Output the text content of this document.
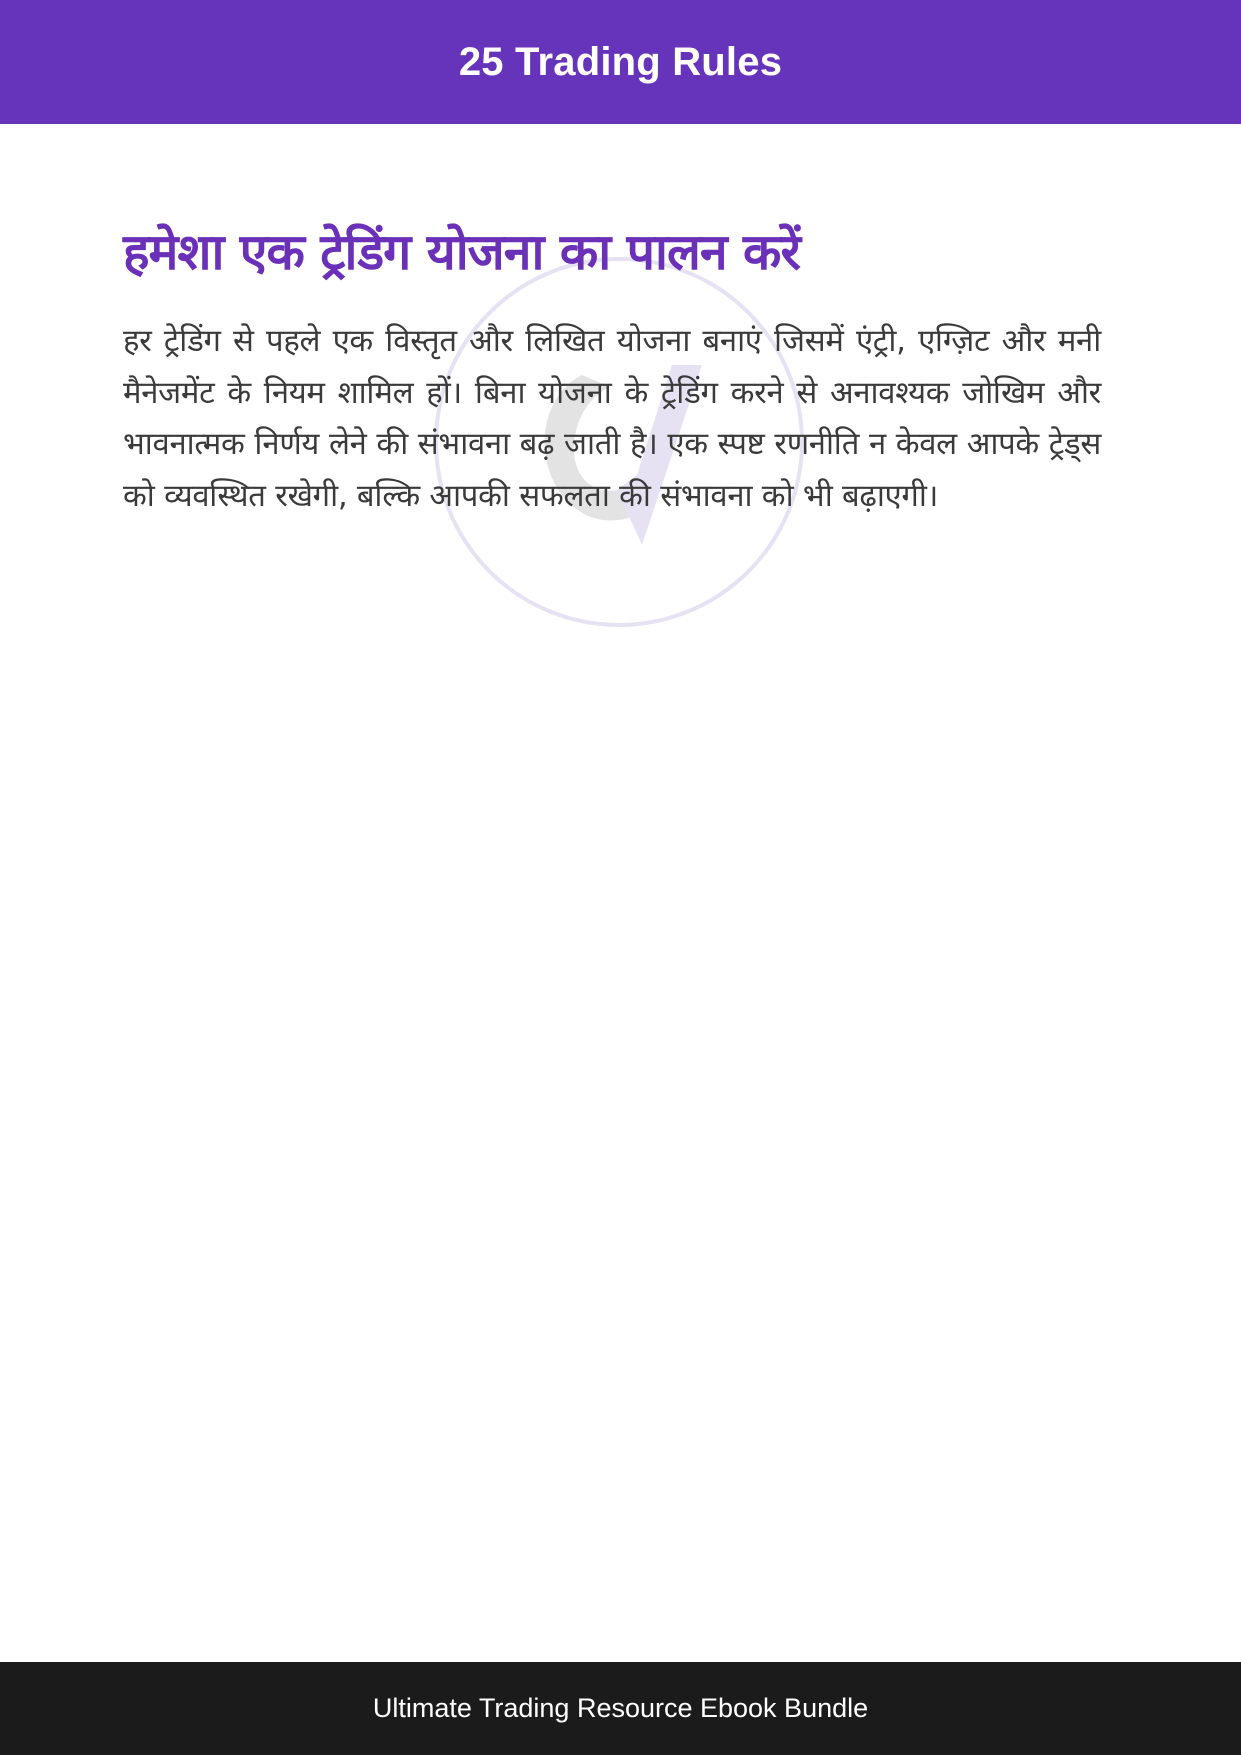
25 Trading Rules
हमेशा एक ट्रेडिंग योजना का पालन करें

हर ट्रेडिंग से पहले एक विस्तृत और लिखित योजना बनाएं जिसमें एंट्री, एग्ज़िट और मनी मैनेजमेंट के नियम शामिल हों। बिना योजना के ट्रेडिंग करने से अनावश्यक जोखिम और भावनात्मक निर्णय लेने की संभावना बढ़ जाती है। एक स्पष्ट रणनीति न केवल आपके ट्रेड्स को व्यवस्थित रखेगी, बल्कि आपकी सफलता की संभावना को भी बढ़ाएगी।

Ultimate Trading Resource Ebook Bundle
